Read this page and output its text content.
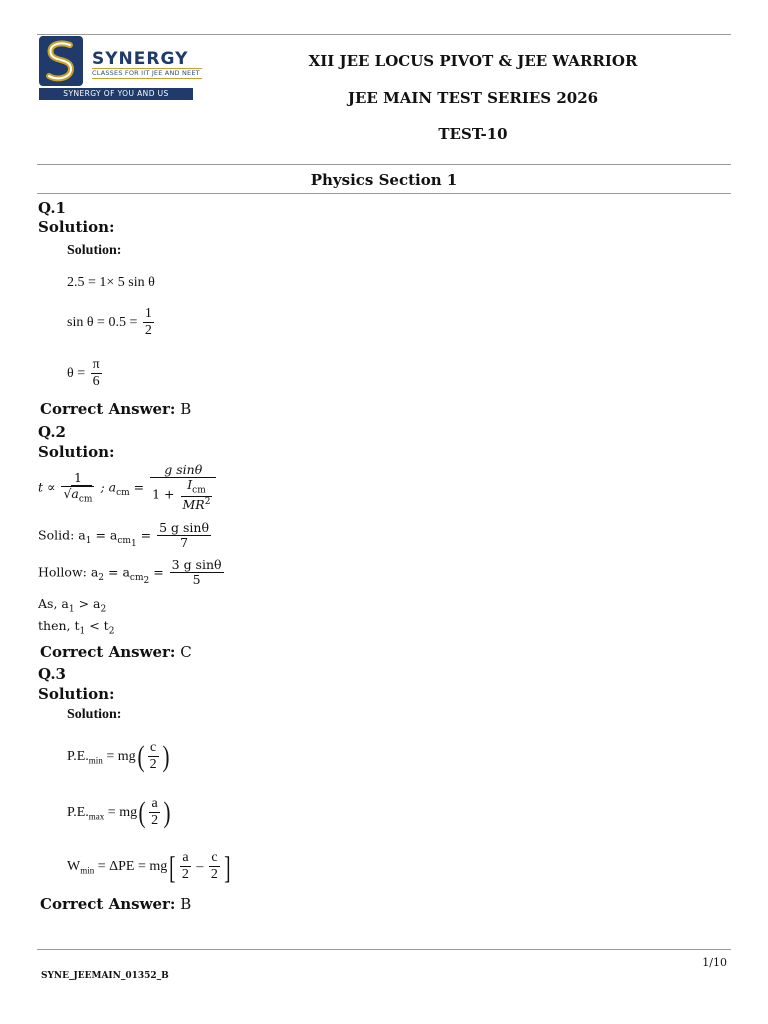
SYNERGY
CLASSES FOR IIT JEE AND NEET
SYNERGY OF YOU AND US
XII JEE LOCUS PIVOT & JEE WARRIOR
JEE MAIN TEST SERIES 2026
TEST-10
Physics Section 1
Q.1
Solution:
Solution:
2.5 = 1× 5 sin θ
$\sin \theta = 0.5 = \frac{1}{2}$
$\theta = \frac{\pi}{6}$
Correct Answer: B
Q.2
Solution:
$t \propto \frac{1}{√a_{cm}}$ ; $a_{cm} = \frac{\text{g sinθ}}{1 + \frac{I_{cm}}{MR^2}}$
Solid: $a_1 = a_{cm_1} = \frac{\text{5 g sinθ}}{7}$
Hollow: $a_2 = a_{cm_2} = \frac{\text{3 g sinθ}}{5}$
As, $a_1 > a_2$
then, $t_1 < t_2$
Correct Answer: C
Q.3
Solution:
Solution:
$P.E._{min} = mg( \frac{c}{2}$ )
$P.E._{max} = mg( \frac{a}{2}$ )
$W_{min} = \Delta PE = mg[ \frac{a}{2} - \frac{c}{2}$ ]
Correct Answer: B
1/10
SYNE_JEEMAIN_01352_B
